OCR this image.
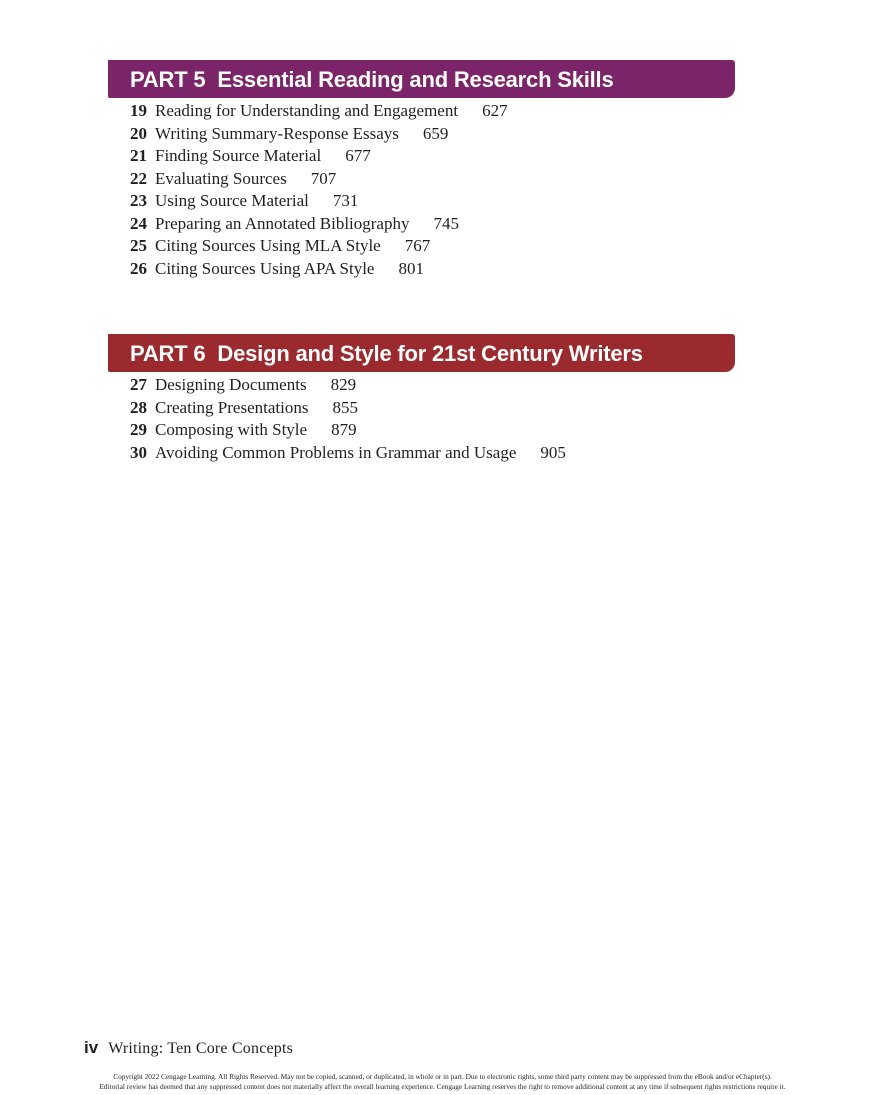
PART 5 Essential Reading and Research Skills
19 Reading for Understanding and Engagement 627
20 Writing Summary-Response Essays 659
21 Finding Source Material 677
22 Evaluating Sources 707
23 Using Source Material 731
24 Preparing an Annotated Bibliography 745
25 Citing Sources Using MLA Style 767
26 Citing Sources Using APA Style 801
PART 6 Design and Style for 21st Century Writers
27 Designing Documents 829
28 Creating Presentations 855
29 Composing with Style 879
30 Avoiding Common Problems in Grammar and Usage 905
iv Writing: Ten Core Concepts
Copyright 2022 Cengage Learning. All Rights Reserved. May not be copied, scanned, or duplicated, in whole or in part. Due to electronic rights, some third party content may be suppressed from the eBook and/or eChapter(s).
Editorial review has deemed that any suppressed content does not materially affect the overall learning experience. Cengage Learning reserves the right to remove additional content at any time if subsequent rights restrictions require it.
